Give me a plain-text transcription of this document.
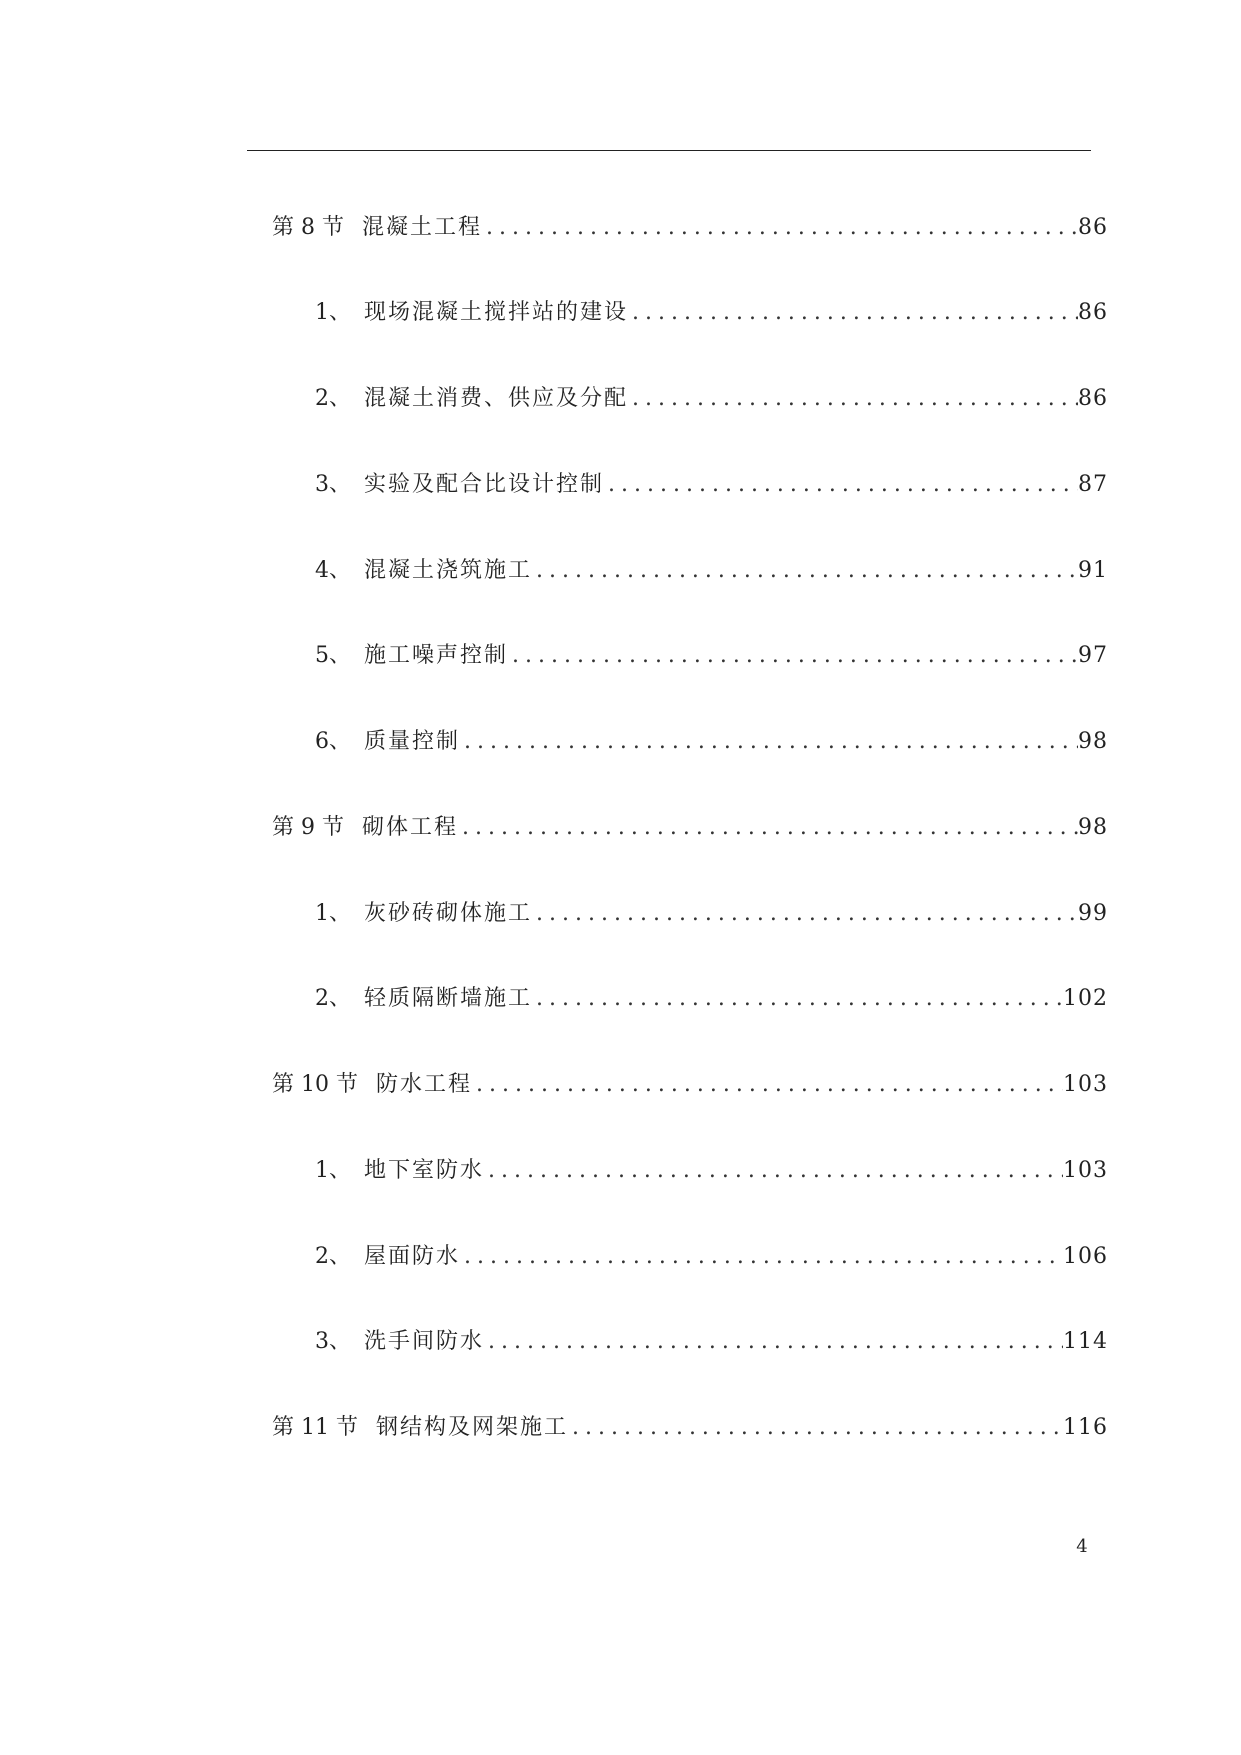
第 8 节 混凝土工程 .....	86
1、 现场混凝土搅拌站的建设 .....	86
2、 混凝土消费、供应及分配 .....	86
3、 实验及配合比设计控制 .....	87
4、 混凝土浇筑施工 .....	91
5、 施工噪声控制 .....	97
6、 质量控制 .....	98
第 9 节 砌体工程 .....	98
1、 灰砂砖砌体施工 .....	99
2、 轻质隔断墙施工 .....	102
第 10 节 防水工程 .....	103
1、 地下室防水 .....	103
2、 屋面防水 .....	106
3、 洗手间防水 .....	114
第 11 节 钢结构及网架施工 .....	116
4
